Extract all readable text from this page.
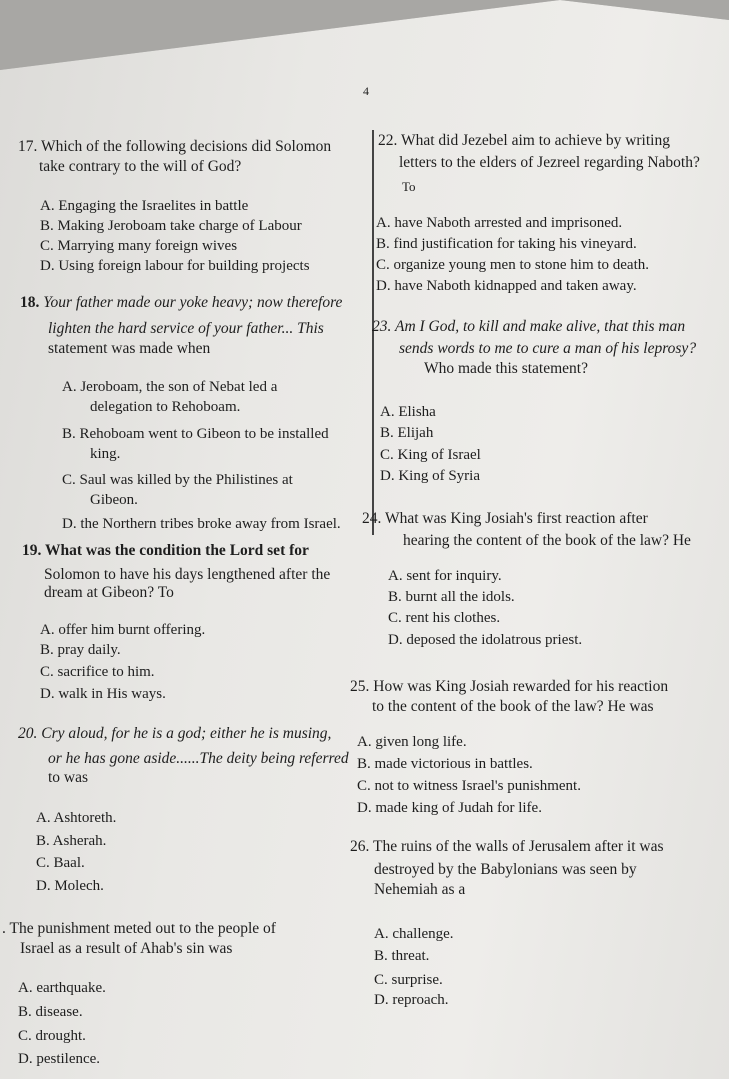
4
17. Which of the following decisions did Solomon
take contrary to the will of God?
A. Engaging the Israelites in battle
B. Making Jeroboam take charge of Labour
C. Marrying many foreign wives
D. Using foreign labour for building projects
18. Your father made our yoke heavy; now therefore
lighten the hard service of your father... This
statement was made when
A. Jeroboam, the son of Nebat led a
delegation to Rehoboam.
B. Rehoboam went to Gibeon to be installed
king.
C. Saul was killed by the Philistines at
Gibeon.
D. the Northern tribes broke away from Israel.
19. What was the condition the Lord set for
Solomon to have his days lengthened after the
dream at Gibeon? To
A. offer him burnt offering.
B. pray daily.
C. sacrifice to him.
D. walk in His ways.
20. Cry aloud, for he is a god; either he is musing,
or he has gone aside......The deity being referred
to was
A. Ashtoreth.
B. Asherah.
C. Baal.
D. Molech.
. The punishment meted out to the people of
Israel as a result of Ahab's sin was
A. earthquake.
B. disease.
C. drought.
D. pestilence.
22. What did Jezebel aim to achieve by writing
letters to the elders of Jezreel regarding Naboth?
To
A. have Naboth arrested and imprisoned.
B. find justification for taking his vineyard.
C. organize young men to stone him to death.
D. have Naboth kidnapped and taken away.
23. Am I God, to kill and make alive, that this man
sends words to me to cure a man of his leprosy?
Who made this statement?
A. Elisha
B. Elijah
C. King of Israel
D. King of Syria
24. What was King Josiah's first reaction after
hearing the content of the book of the law? He
A. sent for inquiry.
B. burnt all the idols.
C. rent his clothes.
D. deposed the idolatrous priest.
25. How was King Josiah rewarded for his reaction
to the content of the book of the law? He was
A. given long life.
B. made victorious in battles.
C. not to witness Israel's punishment.
D. made king of Judah for life.
26. The ruins of the walls of Jerusalem after it was
destroyed by the Babylonians was seen by
Nehemiah as a
A. challenge.
B. threat.
C. surprise.
D. reproach.
